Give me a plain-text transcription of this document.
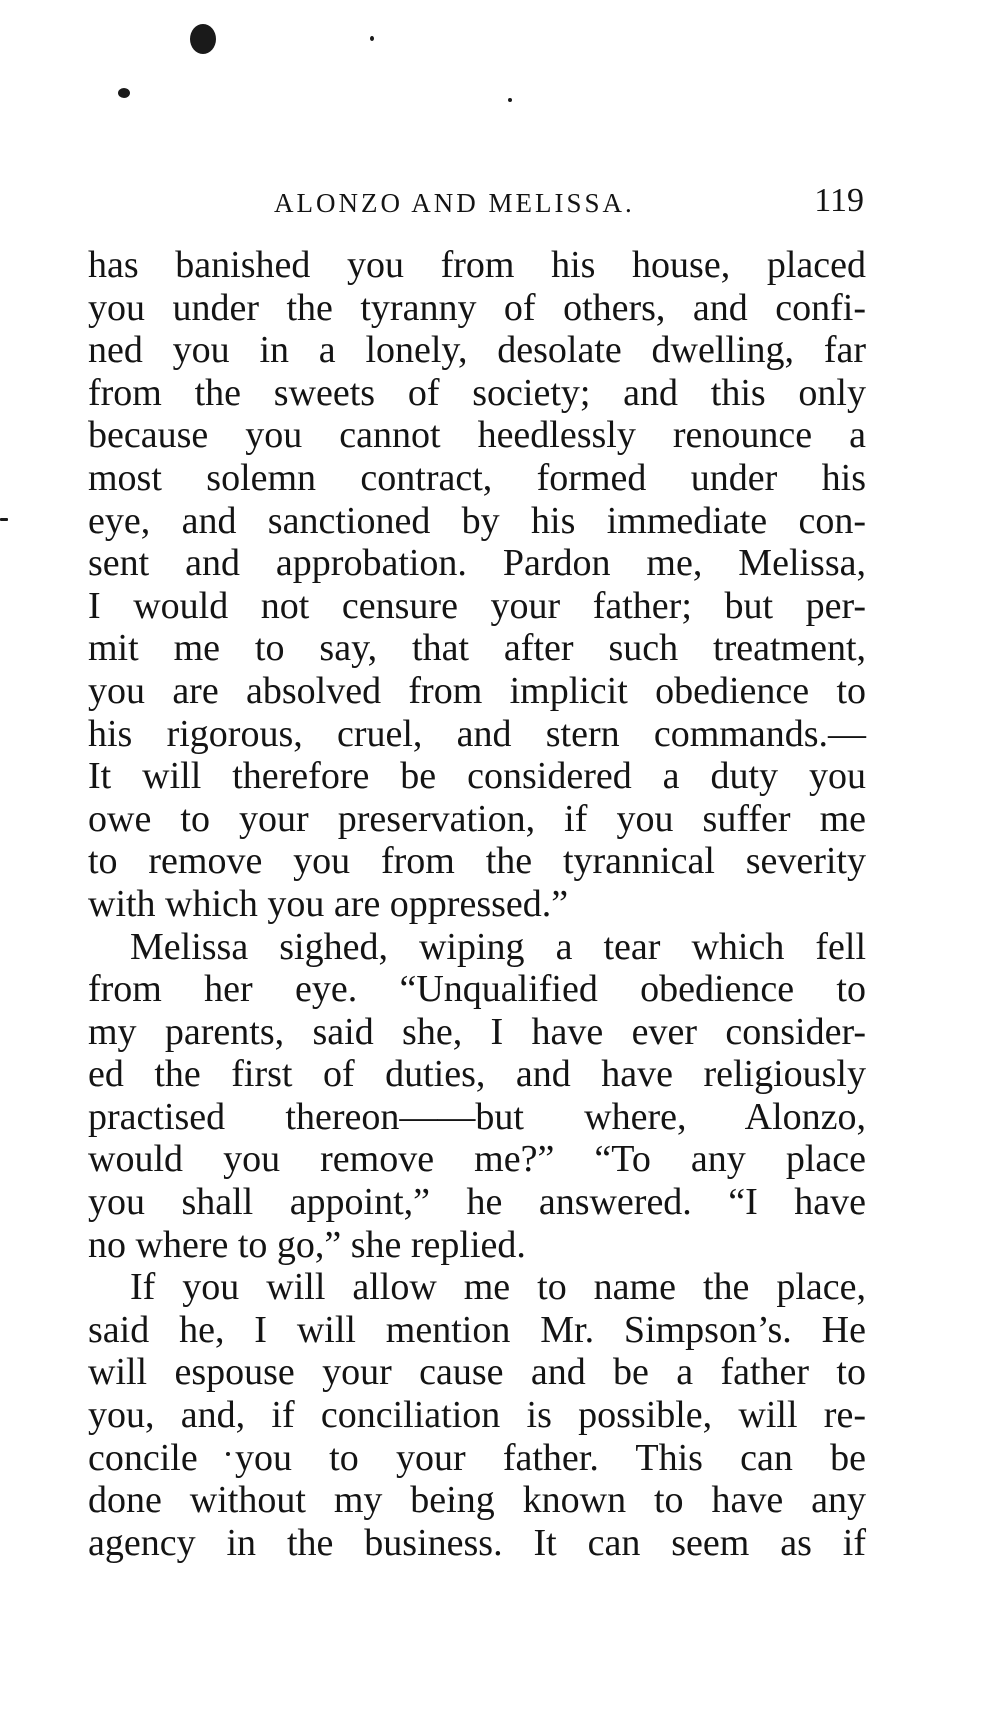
ALONZO AND MELISSA.	119
has banished you from his house, placed
you under the tyranny of others, and confi-
ned you in a lonely, desolate dwelling, far
from the sweets of society; and this only
because you cannot heedlessly renounce a
most solemn contract, formed under his
eye, and sanctioned by his immediate con-
sent and approbation. Pardon me, Melissa,
I would not censure your father; but per-
mit me to say, that after such treatment,
you are absolved from implicit obedience to
his rigorous, cruel, and stern commands.—
It will therefore be considered a duty you
owe to your preservation, if you suffer me
to remove you from the tyrannical severity
with which you are oppressed.”
Melissa sighed, wiping a tear which fell
from her eye. “Unqualified obedience to
my parents, said she, I have ever consider-
ed the first of duties, and have religiously
practised thereon——but where, Alonzo,
would you remove me?” “To any place
you shall appoint,” he answered. “I have
no where to go,” she replied.
If you will allow me to name the place,
said he, I will mention Mr. Simpson’s. He
will espouse your cause and be a father to
you, and, if conciliation is possible, will re-
concile you to your father. This can be
done without my being known to have any
agency in the business. It can seem as if
